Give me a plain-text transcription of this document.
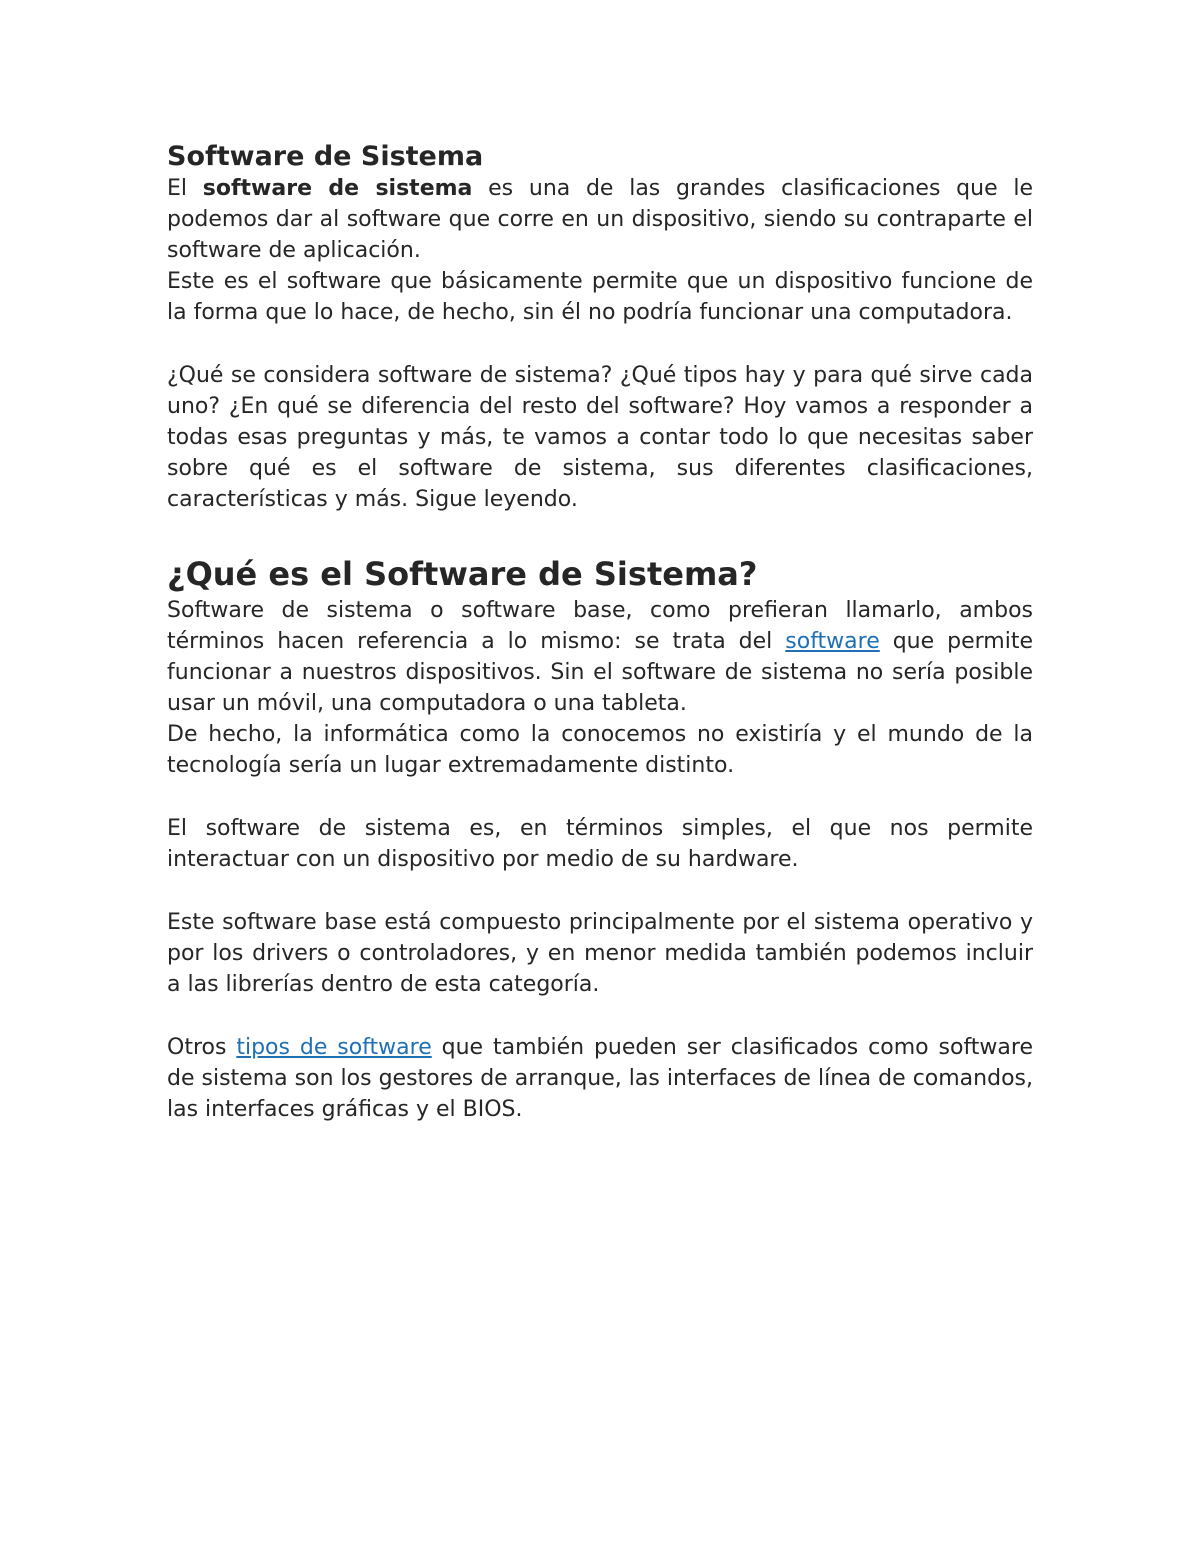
Software de Sistema

El software de sistema es una de las grandes clasificaciones que le podemos dar al software que corre en un dispositivo, siendo su contraparte el software de aplicación.

Este es el software que básicamente permite que un dispositivo funcione de la forma que lo hace, de hecho, sin él no podría funcionar una computadora.

¿Qué se considera software de sistema? ¿Qué tipos hay y para qué sirve cada uno? ¿En qué se diferencia del resto del software? Hoy vamos a responder a todas esas preguntas y más, te vamos a contar todo lo que necesitas saber sobre qué es el software de sistema, sus diferentes clasificaciones, características y más. Sigue leyendo.

¿Qué es el Software de Sistema?

Software de sistema o software base, como prefieran llamarlo, ambos términos hacen referencia a lo mismo: se trata del software que permite funcionar a nuestros dispositivos. Sin el software de sistema no sería posible usar un móvil, una computadora o una tableta.

De hecho, la informática como la conocemos no existiría y el mundo de la tecnología sería un lugar extremadamente distinto.

El software de sistema es, en términos simples, el que nos permite interactuar con un dispositivo por medio de su hardware.

Este software base está compuesto principalmente por el sistema operativo y por los drivers o controladores, y en menor medida también podemos incluir a las librerías dentro de esta categoría.

Otros tipos de software que también pueden ser clasificados como software de sistema son los gestores de arranque, las interfaces de línea de comandos, las interfaces gráficas y el BIOS.
